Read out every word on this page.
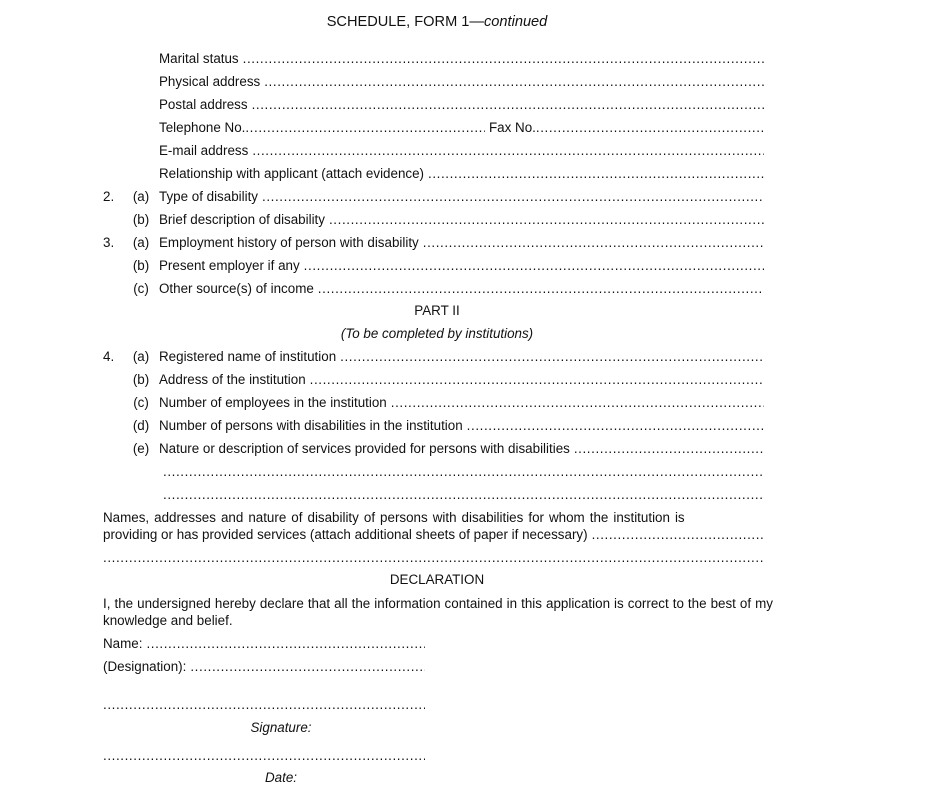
SCHEDULE, FORM 1—continued
Marital status
.....
Physical address
.....
Postal address
.....
Telephone No.
.....	Fax No.
.....
E-mail address
.....
Relationship with applicant (attach evidence)
.....
2.	(a) Type of disability
.....
(b) Brief description of disability
.....
3.	(a) Employment history of person with disability
.....
(b) Present employer if any
.....
(c) Other source(s) of income
.....
PART II
(To be completed by institutions)
4.	(a) Registered name of institution
.....
(b) Address of the institution
.....
(c) Number of employees in the institution
.....
(d) Number of persons with disabilities in the institution
.....
(e) Nature or description of services provided for persons with disabilities
.....
.....
.....
Names, addresses and nature of disability of persons with disabilities for whom the institution is
providing or has provided services (attach additional sheets of paper if necessary)
.....
.....
DECLARATION
I, the undersigned hereby declare that all the information contained in this application is correct to the best of my knowledge and belief.
Name:
.....
(Designation):
.....
.....
Signature:
.....
Date:
